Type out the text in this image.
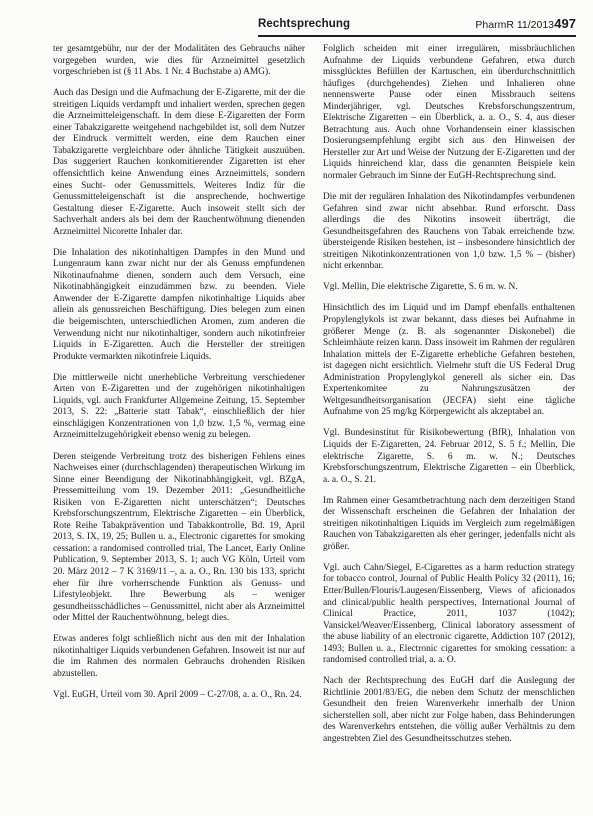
Rechtsprechung	PharmR 11/2013 497

ter gesamtgebühr, nur der der Modalitäten des Gebrauchs näher vorgegeben wurden, wie dies für Arzneimittel gesetzlich vorgeschrieben ist (§ 11 Abs. 1 Nr. 4 Buchstabe a) AMG).

Auch das Design und die Aufmachung der E-Zigarette, mit der die streitigen Liquids verdampft und inhaliert werden, sprechen gegen die Arzneimitteleigenschaft. In dem diese E-Zigaretten der Form einer Tabakzigarette weitgehend nachgebildet ist, soll dem Nutzer der Eindruck vermittelt werden, eine dem Rauchen einer Tabakzigarette vergleichbare oder ähnliche Tätigkeit auszuüben. Das suggeriert Rauchen konkomitierender Zigaretten ist eher offensichtlich keine Anwendung eines Arzneimittels, sondern eines Sucht- oder Genussmittels. Weiteres Indiz für die Genussmitteleigenschaft ist die ansprechende, hochwertige Gestaltung dieser E-Zigarette. Auch insoweit stellt sich der Sachverhalt anders als bei dem der Rauchentwöhnung dienenden Arzneimittel Nicorette Inhaler dar.

Die Inhalation des nikotinhaltigen Dampfes in den Mund und Lungenraum kann zwar nicht nur der als Genuss empfundenen Nikotinaufnahme dienen, sondern auch dem Versuch, eine Nikotinabhängigkeit einzudämmen bzw. zu beenden. Viele Anwender der E-Zigarette dampfen nikotinhaltige Liquids aber allein als genussreichen Beschäftigung. Dies belegen zum einen die beigemischten, unterschiedlichen Aromen, zum anderen die Verwendung nicht nur nikotinhaltiger, sondern auch nikotinfreier Liquids in E-Zigaretten. Auch die Hersteller der streitigen Produkte vermarkten nikotinfreie Liquids.

Die mittlerweile nicht unerhebliche Verbreitung verschiedener Arten von E-Zigaretten und der zugehörigen nikotinhaltigen Liquids, vgl. auch Frankfurter Allgemeine Zeitung, 15. September 2013, S. 22: „Batterie statt Tabak“, einschließlich der hier einschlägigen Konzentrationen von 1,0 bzw. 1,5 %, vermag eine Arzneimittelzugehörigkeit ebenso wenig zu belegen.

Deren steigende Verbreitung trotz des bisherigen Fehlens eines Nachweises einer (durchschlagenden) therapeutischen Wirkung im Sinne einer Beendigung der Nikotinabhängigkeit, vgl. BZgA, Pressemitteilung vom 19. Dezember 2011: „Gesundheitliche Risiken von E-Zigaretten nicht unterschätzen“; Deutsches Krebsforschungszentrum, Elektrische Zigaretten – ein Überblick, Rote Reihe Tabakprävention und Tabakkontrolle, Bd. 19, April 2013, S. IX, 19, 25; Bullen u. a., Electronic cigarettes for smoking cessation: a randomised controlled trial, The Lancet, Early Online Publication, 9. September 2013, S. 1; auch VG Köln, Urteil vom 20. März 2012 – 7 K 3169/11 –, a. a. O., Rn. 130 bis 133, spricht eher für ihre vorherrschende Funktion als Genuss- und Lifestyleobjekt. Ihre Bewerbung als – weniger gesundheitsschädliches – Genussmittel, nicht aber als Arzneimittel oder Mittel der Rauchentwöhnung, belegt dies.

Etwas anderes folgt schließlich nicht aus den mit der Inhalation nikotinhaltiger Liquids verbundenen Gefahren. Insoweit ist nur auf die im Rahmen des normalen Gebrauchs drohenden Risiken abzustellen.

Vgl. EuGH, Urteil vom 30. April 2009 – C-27/08, a. a. O., Rn. 24.

Folglich scheiden mit einer irregulären, missbräuchlichen Aufnahme der Liquids verbundene Gefahren, etwa durch missglücktes Befüllen der Kartuschen, ein überdurchschnittlich häufiges (durchgehendes) Ziehen und Inhalieren ohne nennenswerte Pause oder einen Missbrauch seitens Minderjähriger, vgl. Deutsches Krebsforschungszentrum, Elektrische Zigaretten – ein Überblick, a. a. O., S. 4, aus dieser Betrachtung aus. Auch ohne Vorhandensein einer klassischen Dosierungsempfehlung ergibt sich aus den Hinweisen der Hersteller zur Art und Weise der Nutzung der E-Zigaretten und der Liquids hinreichend klar, dass die genannten Beispiele kein normaler Gebrauch im Sinne der EuGH-Rechtsprechung sind.

Die mit der regulären Inhalation des Nikotindampfes verbundenen Gefahren sind zwar nicht absehbar. Rund erforscht. Dass allerdings die des Nikotins insoweit überträgt, die Gesundheitsgefahren des Rauchens von Tabak erreichende bzw. übersteigende Risiken bestehen, ist – insbesondere hinsichtlich der streitigen Nikotinkonzentrationen von 1,0 bzw. 1,5 % – (bisher) nicht erkennbar.

Vgl. Mellin, Die elektrische Zigarette, S. 6 m. w. N.

Hinsichtlich des im Liquid und im Dampf ebenfalls enthaltenen Propylenglykols ist zwar bekannt, dass dieses bei Aufnahme in größerer Menge (z. B. als sogenannter Diskonebel) die Schleimhäute reizen kann. Dass insoweit im Rahmen der regulären Inhalation mittels der E-Zigarette erhebliche Gefahren bestehen, ist dagegen nicht ersichtlich. Vielmehr stuft die US Federal Drug Administration Propylenglykol generell als sicher ein. Das Expertenkomitee zu Nahrungszusätzen der Weltgesundheitsorganisation (JECFA) sieht eine tägliche Aufnahme von 25 mg/kg Körpergewicht als akzeptabel an.

Vgl. Bundesinstitut für Risikobewertung (BfR), Inhalation von Liquids der E-Zigaretten, 24. Februar 2012, S. 5 f.; Mellin, Die elektrische Zigarette, S. 6 m. w. N.; Deutsches Krebsforschungszentrum, Elektrische Zigaretten – ein Überblick, a. a. O., S. 21.

Im Rahmen einer Gesamtbetrachtung nach dem derzeitigen Stand der Wissenschaft erscheinen die Gefahren der Inhalation der streitigen nikotinhaltigen Liquids im Vergleich zum regelmäßigen Rauchen von Tabakzigaretten als eher geringer, jedenfalls nicht als größer.

Vgl. auch Cahn/Siegel, E-Cigarettes as a harm reduction strategy for tobacco control, Journal of Public Health Policy 32 (2011), 16; Etter/Bullen/Flouris/Laugesen/Eissenberg, Views of aficionados and clinical/public health perspectives, International Journal of Clinical Practice, 2011, 1037 (1042); Vansickel/Weaver/Eissenberg, Clinical laboratory assessment of the abuse liability of an electronic cigarette, Addiction 107 (2012), 1493; Bullen u. a., Electronic cigarettes for smoking cessation: a randomised controlled trial, a. a. O.

Nach der Rechtsprechung des EuGH darf die Auslegung der Richtlinie 2001/83/EG, die neben dem Schutz der menschlichen Gesundheit den freien Warenverkehr innerhalb der Union sicherstellen soll, aber nicht zur Folge haben, dass Behinderungen des Warenverkehrs entstehen, die völlig außer Verhältnis zu dem angestrebten Ziel des Gesundheitsschutzes stehen.
